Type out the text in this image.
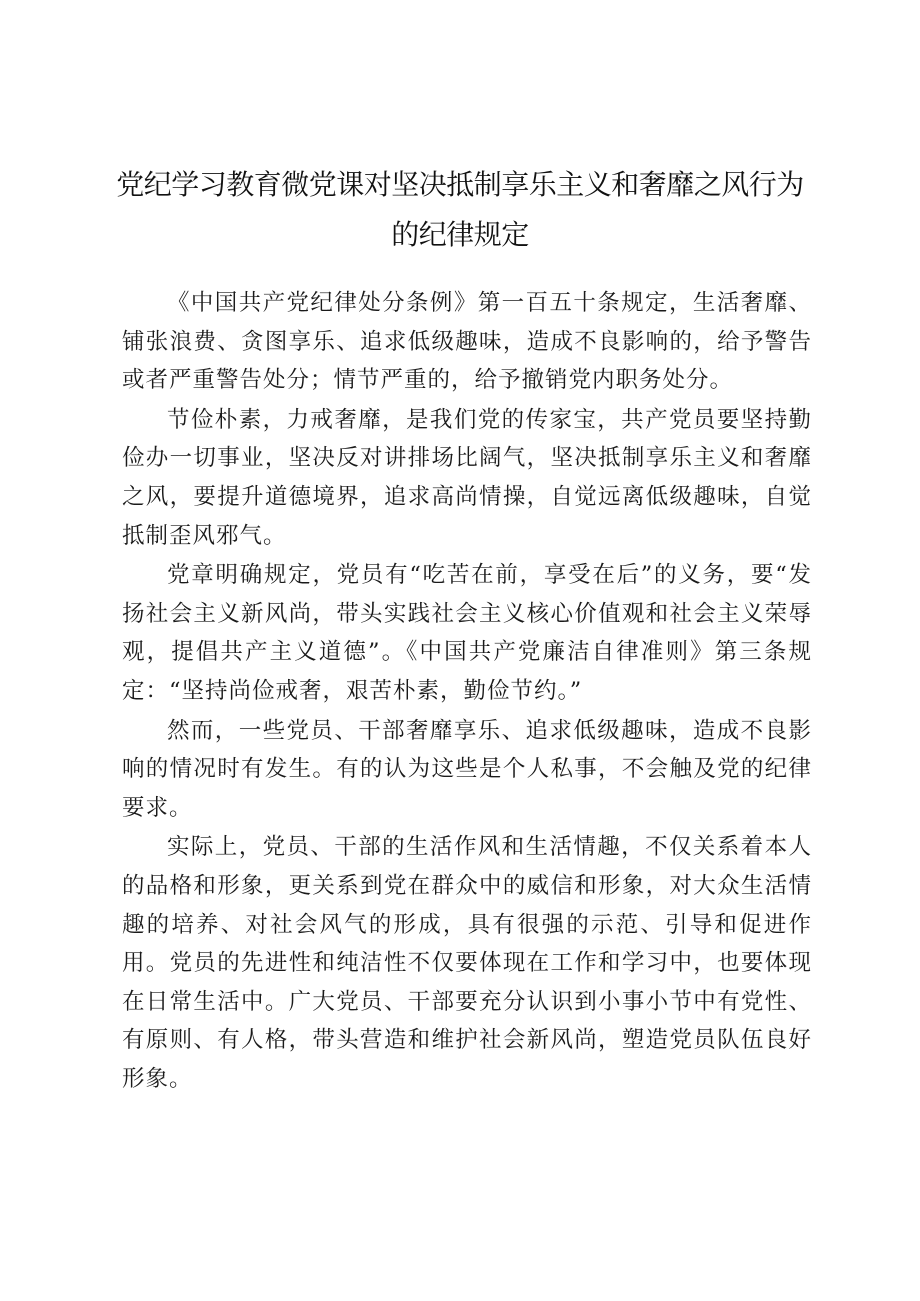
党纪学习教育微党课对坚决抵制享乐主义和奢靡之风行为的纪律规定

《中国共产党纪律处分条例》第一百五十条规定，生活奢靡、铺张浪费、贪图享乐、追求低级趣味，造成不良影响的，给予警告或者严重警告处分；情节严重的，给予撤销党内职务处分。

节俭朴素，力戒奢靡，是我们党的传家宝，共产党员要坚持勤俭办一切事业，坚决反对讲排场比阔气，坚决抵制享乐主义和奢靡之风，要提升道德境界，追求高尚情操，自觉远离低级趣味，自觉抵制歪风邪气。

党章明确规定，党员有“吃苦在前，享受在后”的义务，要“发扬社会主义新风尚，带头实践社会主义核心价值观和社会主义荣辱观，提倡共产主义道德”。《中国共产党廉洁自律准则》第三条规定：“坚持尚俭戒奢，艰苦朴素，勤俭节约。”

然而，一些党员、干部奢靡享乐、追求低级趣味，造成不良影响的情况时有发生。有的认为这些是个人私事，不会触及党的纪律要求。

实际上，党员、干部的生活作风和生活情趣，不仅关系着本人的品格和形象，更关系到党在群众中的威信和形象，对大众生活情趣的培养、对社会风气的形成，具有很强的示范、引导和促进作用。党员的先进性和纯洁性不仅要体现在工作和学习中，也要体现在日常生活中。广大党员、干部要充分认识到小事小节中有党性、有原则、有人格，带头营造和维护社会新风尚，塑造党员队伍良好形象。
